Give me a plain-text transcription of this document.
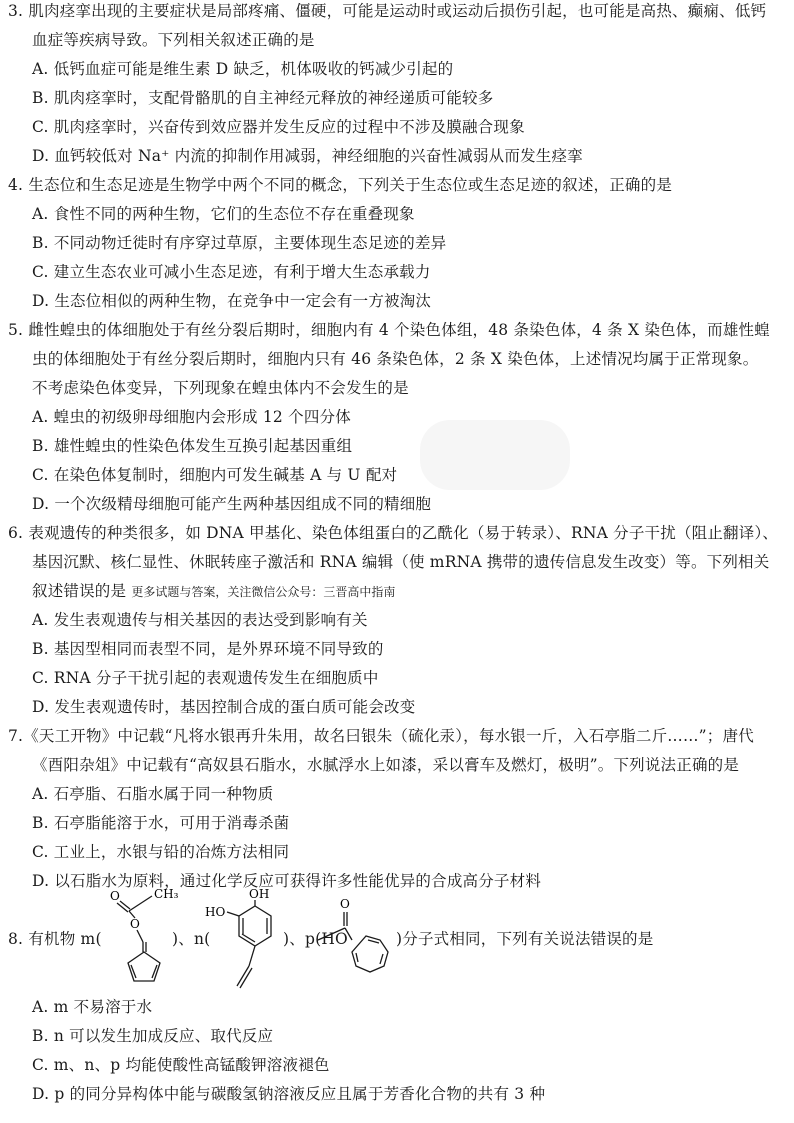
3. 肌肉痉挛出现的主要症状是局部疼痛、僵硬，可能是运动时或运动后损伤引起，也可能是高热、癫痫、低钙
血症等疾病导致。下列相关叙述正确的是
A. 低钙血症可能是维生素 D 缺乏，机体吸收的钙减少引起的
B. 肌肉痉挛时，支配骨骼肌的自主神经元释放的神经递质可能较多
C. 肌肉痉挛时，兴奋传到效应器并发生反应的过程中不涉及膜融合现象
D. 血钙较低对 Na⁺ 内流的抑制作用减弱，神经细胞的兴奋性减弱从而发生痉挛
4. 生态位和生态足迹是生物学中两个不同的概念，下列关于生态位或生态足迹的叙述，正确的是
A. 食性不同的两种生物，它们的生态位不存在重叠现象
B. 不同动物迁徙时有序穿过草原，主要体现生态足迹的差异
C. 建立生态农业可减小生态足迹，有利于增大生态承载力
D. 生态位相似的两种生物，在竞争中一定会有一方被淘汰
5. 雌性蝗虫的体细胞处于有丝分裂后期时，细胞内有 4 个染色体组，48 条染色体，4 条 X 染色体，而雄性蝗
虫的体细胞处于有丝分裂后期时，细胞内只有 46 条染色体，2 条 X 染色体，上述情况均属于正常现象。
不考虑染色体变异，下列现象在蝗虫体内不会发生的是
A. 蝗虫的初级卵母细胞内会形成 12 个四分体
B. 雄性蝗虫的性染色体发生互换引起基因重组
C. 在染色体复制时，细胞内可发生碱基 A 与 U 配对
D. 一个次级精母细胞可能产生两种基因组成不同的精细胞
6. 表观遗传的种类很多，如 DNA 甲基化、染色体组蛋白的乙酰化（易于转录）、RNA 分子干扰（阻止翻译）、
基因沉默、核仁显性、休眠转座子激活和 RNA 编辑（使 mRNA 携带的遗传信息发生改变）等。下列相关
叙述错误的是 更多试题与答案，关注微信公众号：三晋高中指南
A. 发生表观遗传与相关基因的表达受到影响有关
B. 基因型相同而表型不同，是外界环境不同导致的
C. RNA 分子干扰引起的表观遗传发生在细胞质中
D. 发生表观遗传时，基因控制合成的蛋白质可能会改变
7.《天工开物》中记载“凡将水银再升朱用，故名曰银朱（硫化汞），每水银一斤，入石亭脂二斤……”；唐代
《酉阳杂俎》中记载有“高奴县石脂水，水腻浮水上如漆，采以膏车及燃灯，极明”。下列说法正确的是
A. 石亭脂、石脂水属于同一种物质
B. 石亭脂能溶于水，可用于消毒杀菌
C. 工业上，水银与铅的冶炼方法相同
D. 以石脂水为原料，通过化学反应可获得许多性能优异的合成高分子材料
8. 有机物 m(	)、n(	)、p(HO	)分子式相同，下列有关说法错误的是
O	CH₃
O
OH
HO
O
A. m 不易溶于水
B. n 可以发生加成反应、取代反应
C. m、n、p 均能使酸性高锰酸钾溶液褪色
D. p 的同分异构体中能与碳酸氢钠溶液反应且属于芳香化合物的共有 3 种
